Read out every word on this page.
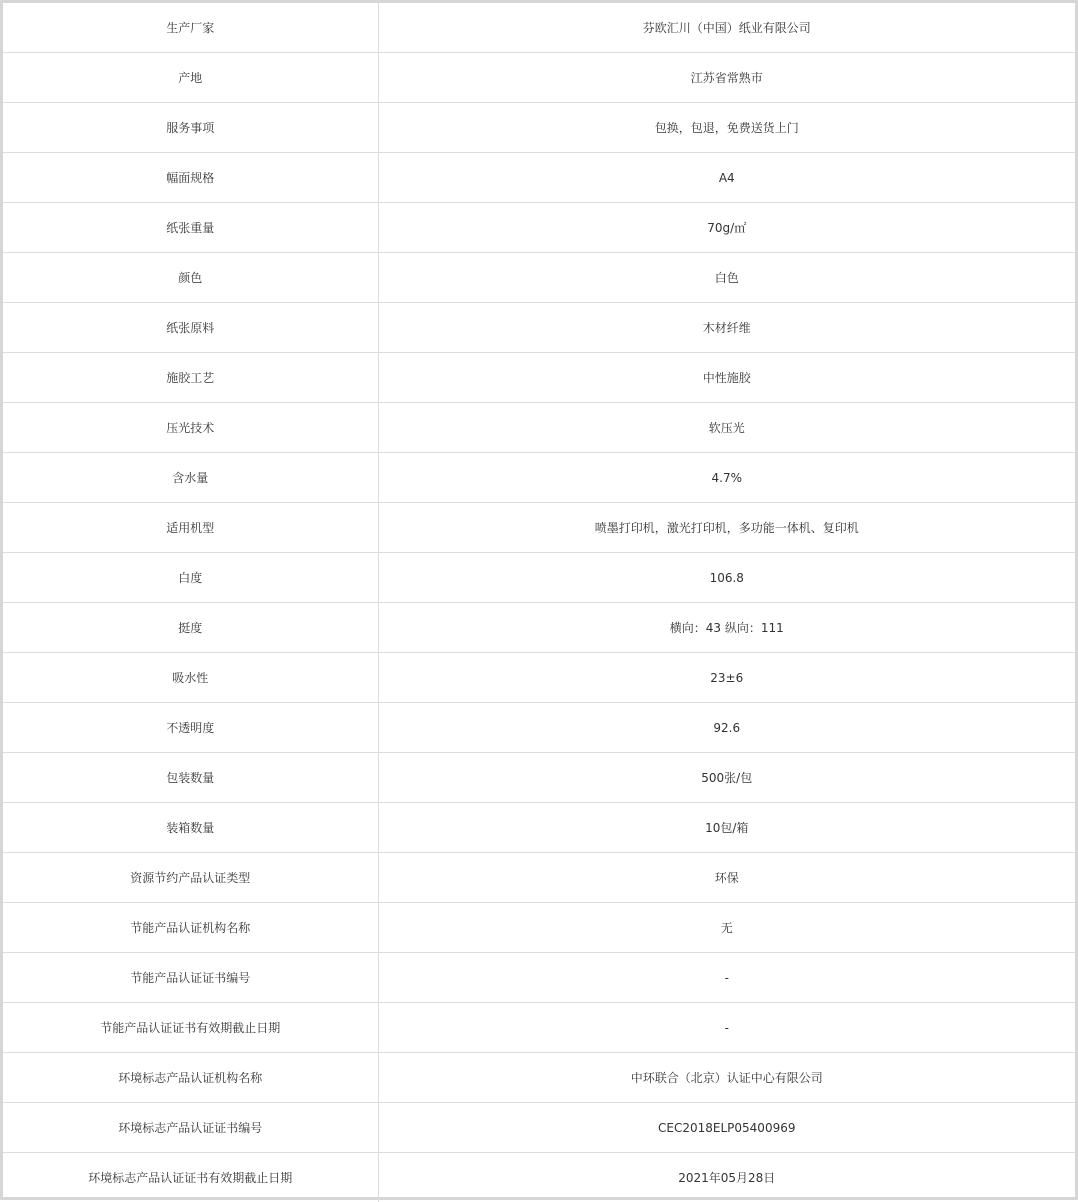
生产厂家	芬欧汇川（中国）纸业有限公司
产地	江苏省常熟市
服务事项	包换，包退，免费送货上门
幅面规格	A4
纸张重量	70g/㎡
颜色	白色
纸张原料	木材纤维
施胶工艺	中性施胶
压光技术	软压光
含水量	4.7%
适用机型	喷墨打印机，激光打印机，多功能一体机、复印机
白度	106.8
挺度	横向：43 纵向：111
吸水性	23±6
不透明度	92.6
包装数量	500张/包
装箱数量	10包/箱
资源节约产品认证类型	环保
节能产品认证机构名称	无
节能产品认证证书编号	-
节能产品认证证书有效期截止日期	-
环境标志产品认证机构名称	中环联合（北京）认证中心有限公司
环境标志产品认证证书编号	CEC2018ELP05400969
环境标志产品认证证书有效期截止日期	2021年05月28日
